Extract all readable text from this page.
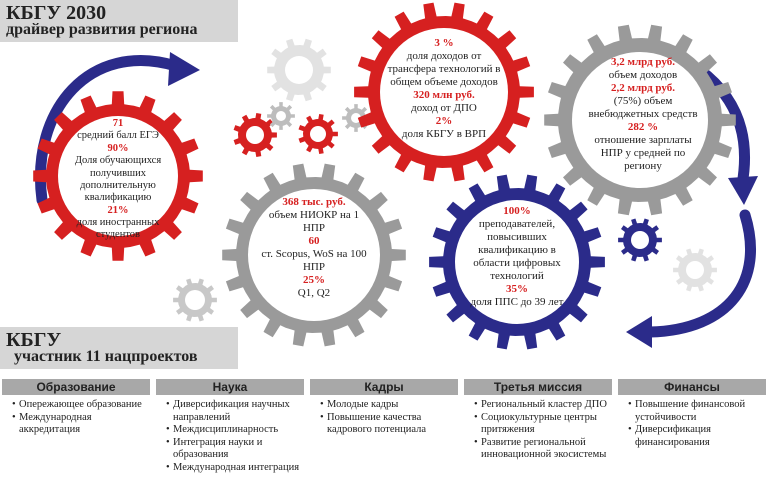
КБГУ 2030
драйвер развития региона
КБГУ
участник 11 нацпроектов
71
средний балл ЕГЭ
90%
Доля обучающихся
получивших
дополнительную
квалификацию
21%
доля иностранных
студентов
368 тыс. руб.
объем НИОКР на 1
НПР
60
ст. Scopus, WoS на 100
НПР
25%
Q1, Q2
3 %
доля доходов от
трансфера технологий в
общем объеме доходов
320 млн руб.
доход от ДПО
2%
доля КБГУ в ВРП
3,2 млрд руб.
объем доходов
2,2 млрд руб.
(75%) объем
внебюджетных средств
282 %
отношение зарплаты
НПР у средней по
региону
100%
преподавателей,
повысивших
квалификацию в
области цифровых
технологий
35%
доля ППС до 39 лет
Образование
• Опережающее образование
• Международная аккредитация
Наука
• Диверсификация научных направлений
• Междисциплинарность
• Интеграция науки и образования
• Международная интеграция
Кадры
• Молодые кадры
• Повышение качества кадрового потенциала
Третья миссия
• Региональный кластер ДПО
• Социокультурные центры притяжения
• Развитие региональной инновационной экосистемы
Финансы
• Повышение финансовой устойчивости
• Диверсификация финансирования
